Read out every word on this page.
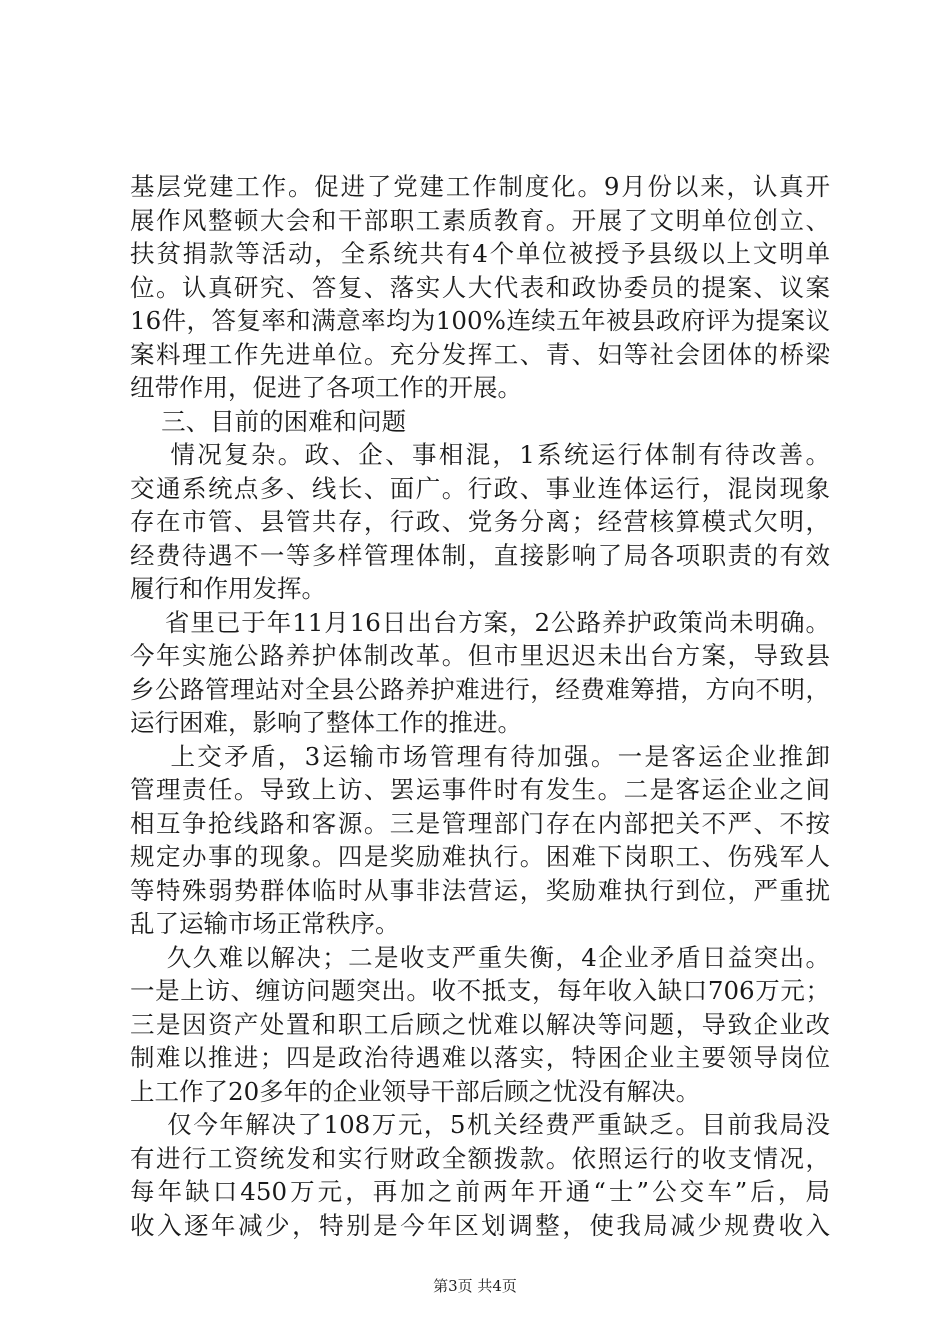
基层党建工作。促进了党建工作制度化。9月份以来，认真开
展作风整顿大会和干部职工素质教育。开展了文明单位创立、
扶贫捐款等活动，全系统共有4个单位被授予县级以上文明单
位。认真研究、答复、落实人大代表和政协委员的提案、议案
16件，答复率和满意率均为100%连续五年被县政府评为提案议
案料理工作先进单位。充分发挥工、青、妇等社会团体的桥梁
纽带作用，促进了各项工作的开展。
三、目前的困难和问题
情况复杂。政、企、事相混，1系统运行体制有待改善。
交通系统点多、线长、面广。行政、事业连体运行，混岗现象
存在市管、县管共存，行政、党务分离；经营核算模式欠明，
经费待遇不一等多样管理体制，直接影响了局各项职责的有效
履行和作用发挥。
省里已于年11月16日出台方案，2公路养护政策尚未明确。
今年实施公路养护体制改革。但市里迟迟未出台方案，导致县
乡公路管理站对全县公路养护难进行，经费难筹措，方向不明，
运行困难，影响了整体工作的推进。
上交矛盾，3运输市场管理有待加强。一是客运企业推卸
管理责任。导致上访、罢运事件时有发生。二是客运企业之间
相互争抢线路和客源。三是管理部门存在内部把关不严、不按
规定办事的现象。四是奖励难执行。困难下岗职工、伤残军人
等特殊弱势群体临时从事非法营运，奖励难执行到位，严重扰
乱了运输市场正常秩序。
久久难以解决；二是收支严重失衡，4企业矛盾日益突出。
一是上访、缠访问题突出。收不抵支，每年收入缺口706万元；
三是因资产处置和职工后顾之忧难以解决等问题，导致企业改
制难以推进；四是政治待遇难以落实，特困企业主要领导岗位
上工作了20多年的企业领导干部后顾之忧没有解决。
仅今年解决了108万元，5机关经费严重缺乏。目前我局没
有进行工资统发和实行财政全额拨款。依照运行的收支情况，
每年缺口450万元，再加之前两年开通“士”公交车”后，局
收入逐年减少，特别是今年区划调整，使我局减少规费收入
第3页 共4页
